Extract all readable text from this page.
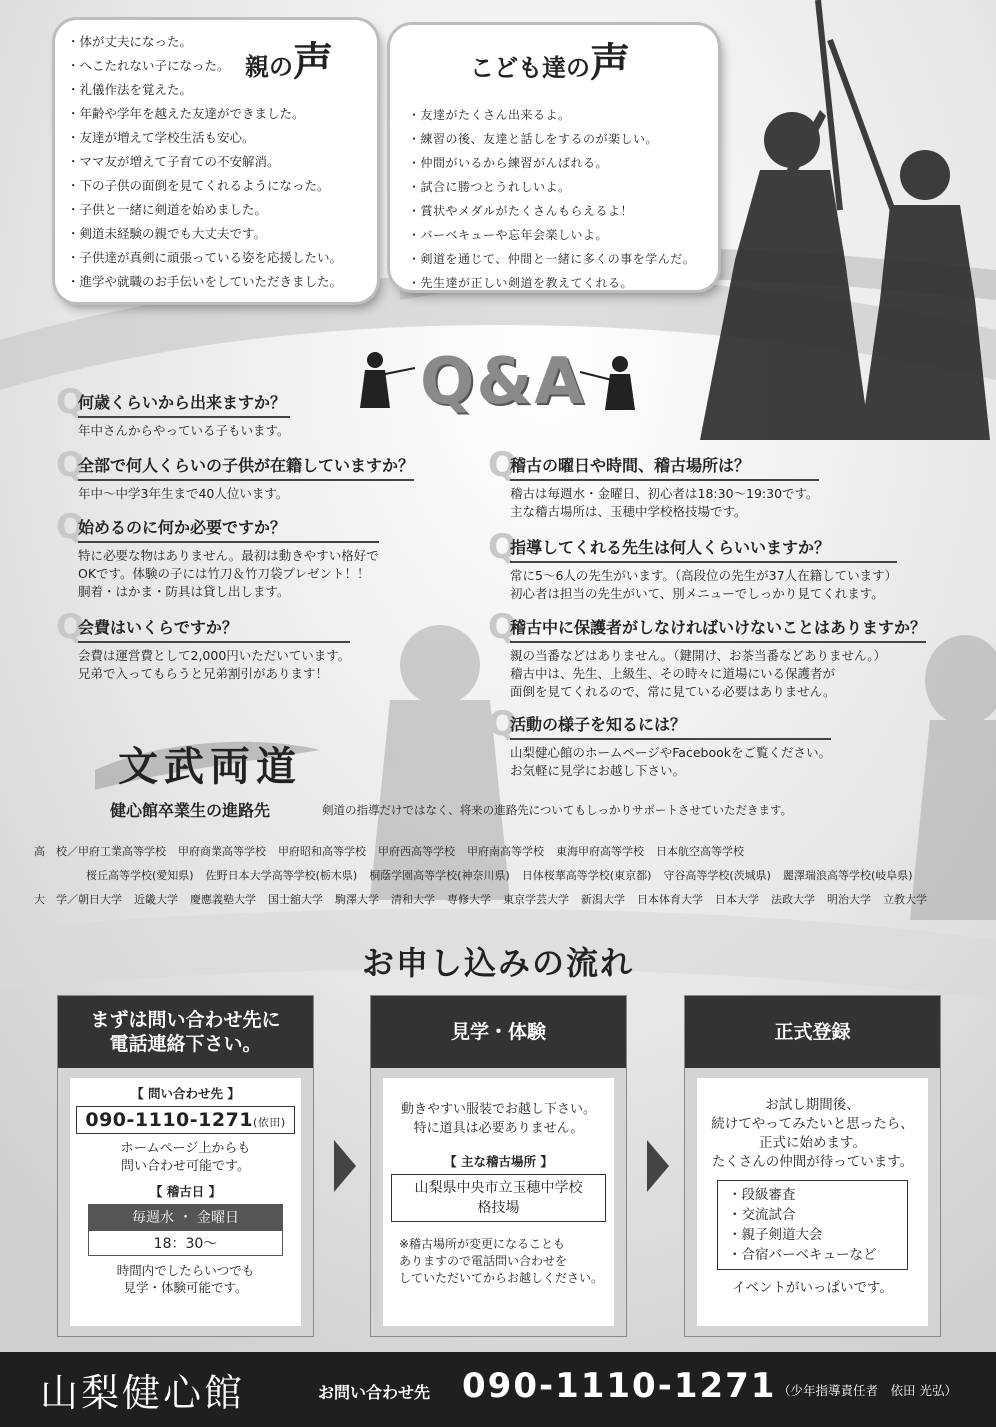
親の声
・体が丈夫になった。
・へこたれない子になった。
・礼儀作法を覚えた。
・年齢や学年を越えた友達ができました。
・友達が増えて学校生活も安心。
・ママ友が増えて子育ての不安解消。
・下の子供の面倒を見てくれるようになった。
・子供と一緒に剣道を始めました。
・剣道未経験の親でも大丈夫です。
・子供達が真剣に頑張っている姿を応援したい。
・進学や就職のお手伝いをしていただきました。
こども達の声
・友達がたくさん出来るよ。
・練習の後、友達と話しをするのが楽しい。
・仲間がいるから練習がんばれる。
・試合に勝つとうれしいよ。
・賞状やメダルがたくさんもらえるよ！
・バーベキューや忘年会楽しいよ。
・剣道を通じて、仲間と一緒に多くの事を学んだ。
・先生達が正しい剣道を教えてくれる。
Q&A
Q
何歳くらいから出来ますか？
年中さんからやっている子もいます。
Q
全部で何人くらいの子供が在籍していますか？
年中～中学3年生まで40人位います。
Q
始めるのに何か必要ですか？
特に必要な物はありません。最初は動きやすい格好で
OKです。体験の子には竹刀＆竹刀袋プレゼント！！
胴着・はかま・防具は貸し出します。
Q
会費はいくらですか？
会費は運営費として2,000円いただいています。
兄弟で入ってもらうと兄弟割引があります！
Q
稽古の曜日や時間、稽古場所は？
稽古は毎週水・金曜日、初心者は18:30～19:30です。
主な稽古場所は、玉穂中学校格技場です。
Q
指導してくれる先生は何人くらいいますか？
常に5～6人の先生がいます。（高段位の先生が37人在籍しています）
初心者は担当の先生がいて、別メニューでしっかり見てくれます。
Q
稽古中に保護者がしなければいけないことはありますか？
親の当番などはありません。（鍵開け、お茶当番などありません。）
稽古中は、先生、上級生、その時々に道場にいる保護者が
面倒を見てくれるので、常に見ている必要はありません。
Q
活動の様子を知るには？
山梨健心館のホームページやFacebookをご覧ください。
お気軽に見学にお越し下さい。
文武両道
健心館卒業生の進路先	剣道の指導だけではなく、将来の進路先についてもしっかりサポートさせていただきます。
高　校／甲府工業高等学校 甲府商業高等学校 甲府昭和高等学校 甲府西高等学校 甲府南高等学校 東海甲府高等学校 日本航空高等学校
桜丘高等学校(愛知県) 佐野日本大学高等学校(栃木県) 桐蔭学園高等学校(神奈川県) 日体桜華高等学校(東京都) 守谷高等学校(茨城県) 麗澤瑞浪高等学校(岐阜県)
大　学／朝日大学 近畿大学 慶應義塾大学 国士舘大学 駒澤大学 清和大学 専修大学 東京学芸大学 新潟大学 日本体育大学 日本大学 法政大学 明治大学 立教大学
お申し込みの流れ
まずは問い合わせ先に
電話連絡下さい。
【 問い合わせ先 】
090-1110-1271(依田)
ホームページ上からも
問い合わせ可能です。
【 稽古日 】
毎週水 ・ 金曜日
18：30～
時間内でしたらいつでも
見学・体験可能です。
見学・体験
動きやすい服装でお越し下さい。
特に道具は必要ありません。
【 主な稽古場所 】
山梨県中央市立玉穂中学校
格技場
※稽古場所が変更になることも
ありますので電話問い合わせを
していただいてからお越しください。
正式登録
お試し期間後、
続けてやってみたいと思ったら、
正式に始めます。
たくさんの仲間が待っています。
・段級審査
・交流試合
・親子剣道大会
・合宿バーベキューなど
イベントがいっぱいです。
山梨健心館	お問い合わせ先 090-1110-1271 （少年指導責任者　依田 光弘）
